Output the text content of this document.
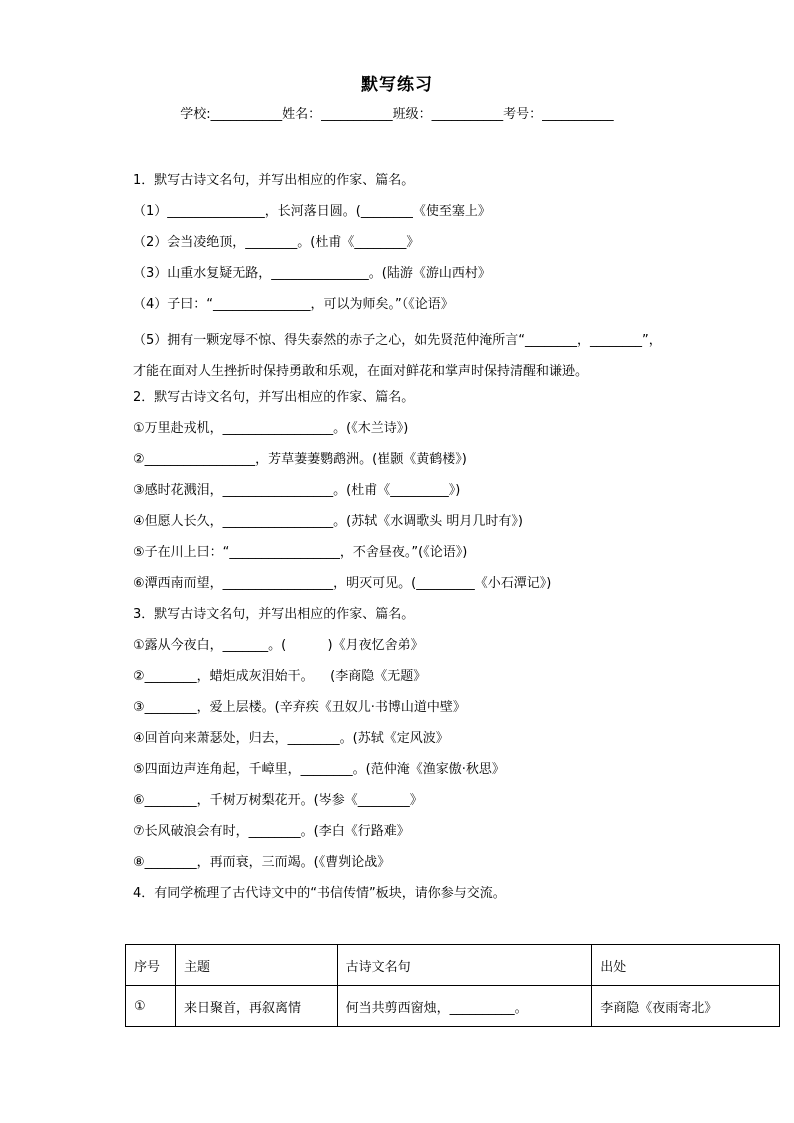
默写练习
学校:___________姓名：___________班级：___________考号：___________
1．默写古诗文名句，并写出相应的作家、篇名。
（1）_______________，长河落日圆。(________《使至塞上》
（2）会当凌绝顶，________。(杜甫《________》
（3）山重水复疑无路，_______________。(陆游《游山西村》
（4）子曰：“_______________，可以为师矣。”（《论语》
（5）拥有一颗宠辱不惊、得失泰然的赤子之心，如先贤范仲淹所言“________，________”，才能在面对人生挫折时保持勇敢和乐观，在面对鲜花和掌声时保持清醒和谦逊。
2．默写古诗文名句，并写出相应的作家、篇名。
①万里赴戎机，_________________。(《木兰诗》)
②_________________，芳草萋萋鹦鹉洲。(崔颢《黄鹤楼》)
③感时花溅泪，_________________。(杜甫《_________》)
④但愿人长久，_________________。(苏轼《水调歌头 明月几时有》)
⑤子在川上曰：“_________________，不舍昼夜。”(《论语》)
⑥潭西南而望，_________________，明灭可见。(_________《小石潭记》)
3．默写古诗文名句，并写出相应的作家、篇名。
①露从今夜白，_______。(          )《月夜忆舍弟》
②________，蜡炬成灰泪始干。    (李商隐《无题》
③________，爱上层楼。(辛弃疾《丑奴儿·书博山道中壁》
④回首向来萧瑟处，归去，________。(苏轼《定风波》
⑤四面边声连角起，千嶂里，________。(范仲淹《渔家傲·秋思》
⑥________，千树万树梨花开。(岑参《________》
⑦长风破浪会有时，________。(李白《行路难》
⑧________，再而衰，三而竭。(《曹刿论战》
4．有同学梳理了古代诗文中的“书信传情”板块，请你参与交流。
序号	主题	古诗文名句	出处
①	来日聚首，再叙离情	何当共剪西窗烛，__________。	李商隐《夜雨寄北》
